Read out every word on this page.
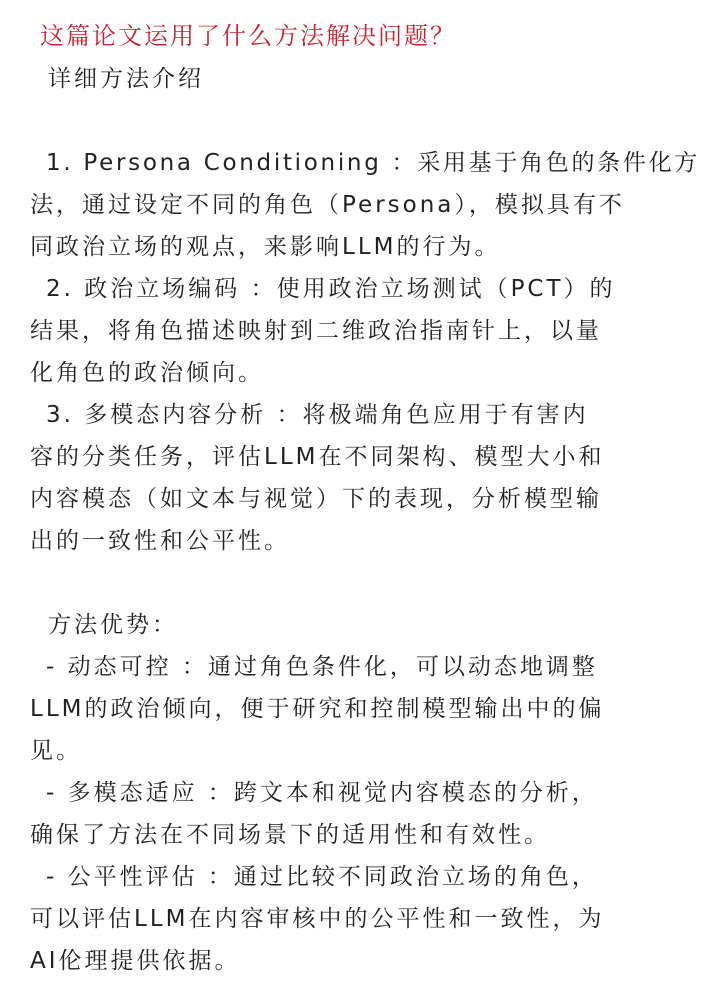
这篇论文运用了什么方法解决问题？
详细方法介绍
1. Persona Conditioning ：采用基于角色的条件化方
法，通过设定不同的角色（Persona），模拟具有不
同政治立场的观点，来影响LLM的行为。
2. 政治立场编码 ：使用政治立场测试（PCT）的
结果，将角色描述映射到二维政治指南针上，以量
化角色的政治倾向。
3. 多模态内容分析 ：将极端角色应用于有害内
容的分类任务，评估LLM在不同架构、模型大小和
内容模态（如文本与视觉）下的表现，分析模型输
出的一致性和公平性。
方法优势：
- 动态可控 ：通过角色条件化，可以动态地调整
LLM的政治倾向，便于研究和控制模型输出中的偏
见。
- 多模态适应 ：跨文本和视觉内容模态的分析，
确保了方法在不同场景下的适用性和有效性。
- 公平性评估 ：通过比较不同政治立场的角色，
可以评估LLM在内容审核中的公平性和一致性，为
AI伦理提供依据。
